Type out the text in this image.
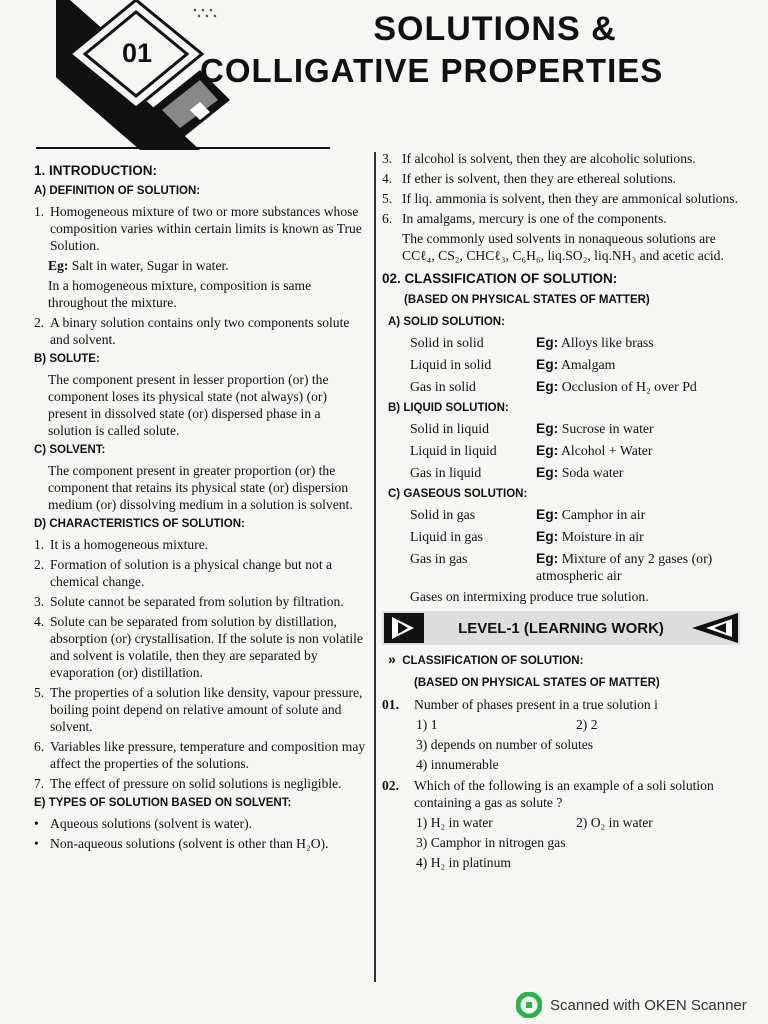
01
SOLUTIONS &
COLLIGATIVE PROPERTIES
1. INTRODUCTION:
A) DEFINITION OF SOLUTION:
1. Homogeneous mixture of two or more substances whose composition varies within certain limits is known as True Solution.

Eg: Salt in water, Sugar in water.

In a homogeneous mixture, composition is same throughout the mixture.

2. A binary solution contains only two components solute and solvent.
B) SOLUTE:

The component present in lesser proportion (or) the component loses its physical state (not always) (or) present in dissolved state (or) dispersed phase in a solution is called solute.

C) SOLVENT:

The component present in greater proportion (or) the component that retains its physical state (or) dispersion medium (or) dissolving medium in a solution is solvent.

D) CHARACTERISTICS OF SOLUTION:
1. It is a homogeneous mixture.
2. Formation of solution is a physical change but not a chemical change.
3. Solute cannot be separated from solution by filtration.
4. Solute can be separated from solution by distillation, absorption (or) crystallisation. If the solute is non volatile and solvent is volatile, then they are separated by evaporation (or) distillation.
5. The properties of a solution like density, vapour pressure, boiling point depend on relative amount of solute and solvent.
6. Variables like pressure, temperature and composition may affect the properties of the solutions.
7. The effect of pressure on solid solutions is negligible.
E) TYPES OF SOLUTION BASED ON SOLVENT:
• Aqueous solutions (solvent is water).
• Non-aqueous solutions (solvent is other than H₂O).
3. If alcohol is solvent, then they are alcoholic solutions.
4. If ether is solvent, then they are ethereal solutions.
5. If liq. ammonia is solvent, then they are ammonical solutions.
6. In amalgams, mercury is one of the components.

The commonly used solvents in nonaqueous solutions are CCℓ₄, CS₂, CHCℓ₃, C₆H₆, liq.SO₂, liq.NH₃ and acetic acid.

02. CLASSIFICATION OF SOLUTION:
(BASED ON PHYSICAL STATES OF MATTER)
A) SOLID SOLUTION:
Solid in solid	Eg: Alloys like brass
Liquid in solid	Eg: Amalgam
Gas in solid	Eg: Occlusion of H₂ over Pd
B) LIQUID SOLUTION:
Solid in liquid	Eg: Sucrose in water
Liquid in liquid	Eg: Alcohol + Water
Gas in liquid	Eg: Soda water
C) GASEOUS SOLUTION:
Solid in gas	Eg: Camphor in air
Liquid in gas	Eg: Moisture in air
Gas in gas	Eg: Mixture of any 2 gases (or) atmospheric air

Gases on intermixing produce true solution.

LEVEL-1 (LEARNING WORK)
» CLASSIFICATION OF SOLUTION:
(BASED ON PHYSICAL STATES OF MATTER)
01.	Number of phases present in a true solution i
1) 1	2) 2
3) depends on number of solutes
4) innumerable
02.	Which of the following is an example of a soli solution containing a gas as solute ?
1) H₂ in water	2) O₂ in water
3) Camphor in nitrogen gas
4) H₂ in platinum
Scanned with OKEN Scanner
